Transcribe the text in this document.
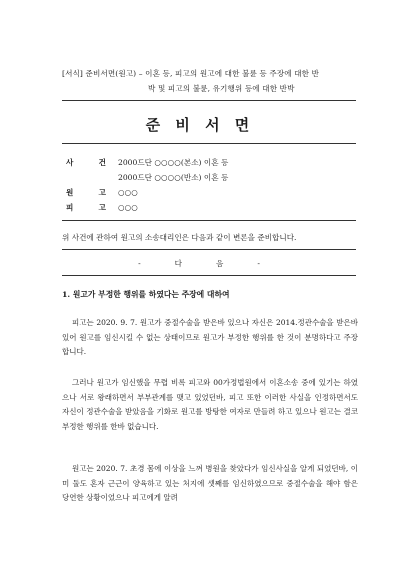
[서식] 준비서면(원고) – 이혼 등, 피고의 원고에 대한 불륜 등 주장에 대한 반
박 및 피고의 불륜, 유기행위 등에 대한 반박
준 비 서 면
사	건 2000드단 ○○○○(본소) 이혼 등
2000드단 ○○○○(반소) 이혼 등
원	고 ○○○
피	고 ○○○
위 사건에 관하여 원고의 소송대리인은 다음과 같이 변론을 준비합니다.
-	다	음	-
1. 원고가 부정한 행위를 하였다는 주장에 대하여
피고는 2020. 9. 7. 원고가 중절수술을 받은바 있으나 자신은 2014.정관수술을 받은바 있어 원고를 임신시킬 수 없는 상태이므로 원고가 부정한 행위를 한 것이 분명하다고 주장합니다.
그러나 원고가 임신했을 무렵 비록 피고와 00가정법원에서 이혼소송 중에 있기는 하였으나 서로 왕래하면서 부부관계를 맺고 있었던바, 피고 또한 이러한 사실을 인정하면서도 자신이 정관수술을 받았음을 기화로 원고를 방탕한 여자로 만들려 하고 있으나 원고는 결코 부정한 행위를 한바 없습니다.
원고는 2020. 7. 초경 몸에 이상을 느껴 병원을 찾았다가 임신사실을 알게 되었던바, 이미 둘도 혼자 근근이 양육하고 있는 처지에 셋째를 임신하였으므로 중절수술을 해야 함은 당연한 상황이었으나 피고에게 알려
